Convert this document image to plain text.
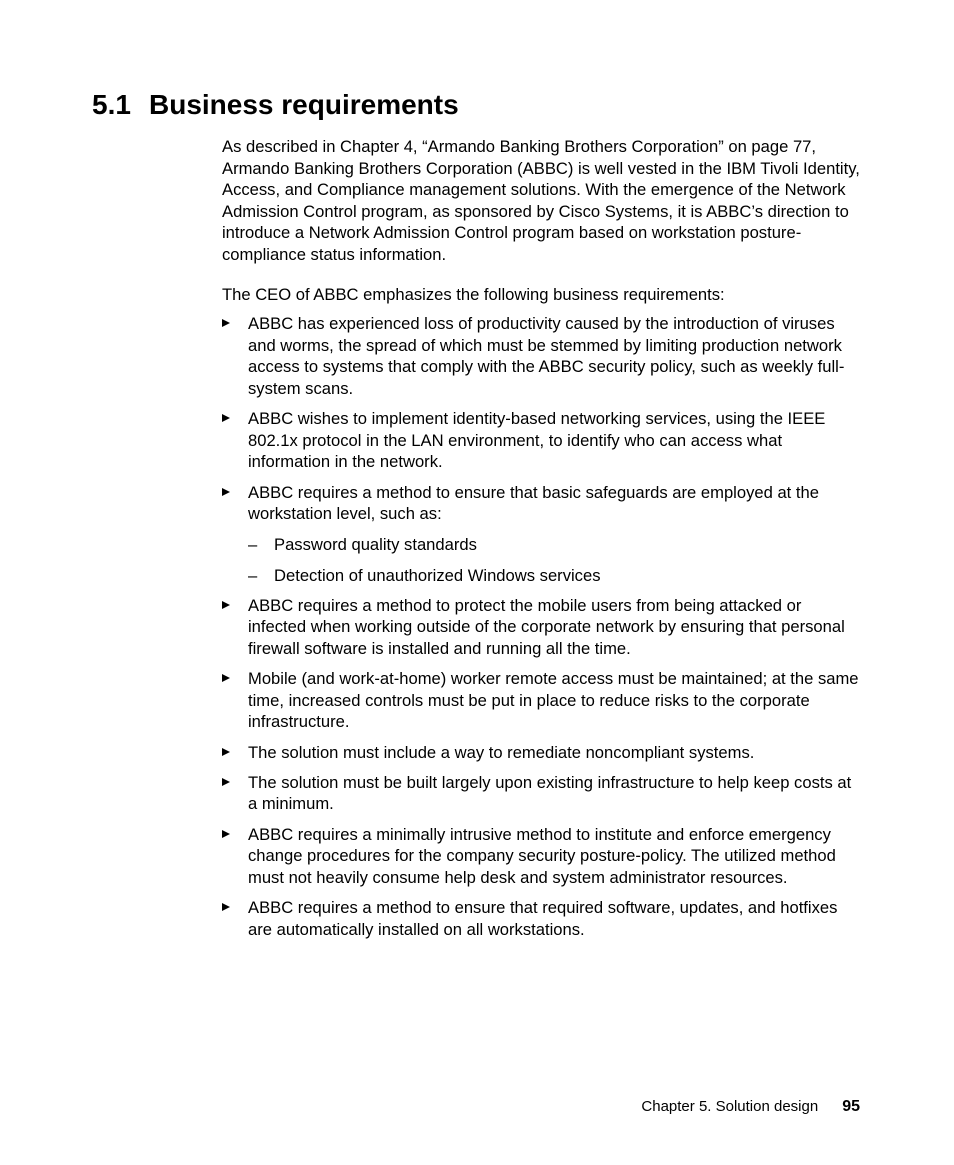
5.1 Business requirements

As described in Chapter 4, “Armando Banking Brothers Corporation” on page 77, Armando Banking Brothers Corporation (ABBC) is well vested in the IBM Tivoli Identity, Access, and Compliance management solutions. With the emergence of the Network Admission Control program, as sponsored by Cisco Systems, it is ABBC’s direction to introduce a Network Admission Control program based on workstation posture-compliance status information.

The CEO of ABBC emphasizes the following business requirements:

ABBC has experienced loss of productivity caused by the introduction of viruses and worms, the spread of which must be stemmed by limiting production network access to systems that comply with the ABBC security policy, such as weekly full-system scans.
ABBC wishes to implement identity-based networking services, using the IEEE 802.1x protocol in the LAN environment, to identify who can access what information in the network.
ABBC requires a method to ensure that basic safeguards are employed at the workstation level, such as:
– Password quality standards
– Detection of unauthorized Windows services
ABBC requires a method to protect the mobile users from being attacked or infected when working outside of the corporate network by ensuring that personal firewall software is installed and running all the time.
Mobile (and work-at-home) worker remote access must be maintained; at the same time, increased controls must be put in place to reduce risks to the corporate infrastructure.
The solution must include a way to remediate noncompliant systems.
The solution must be built largely upon existing infrastructure to help keep costs at a minimum.
ABBC requires a minimally intrusive method to institute and enforce emergency change procedures for the company security posture-policy. The utilized method must not heavily consume help desk and system administrator resources.
ABBC requires a method to ensure that required software, updates, and hotfixes are automatically installed on all workstations.
Chapter 5. Solution design 95
